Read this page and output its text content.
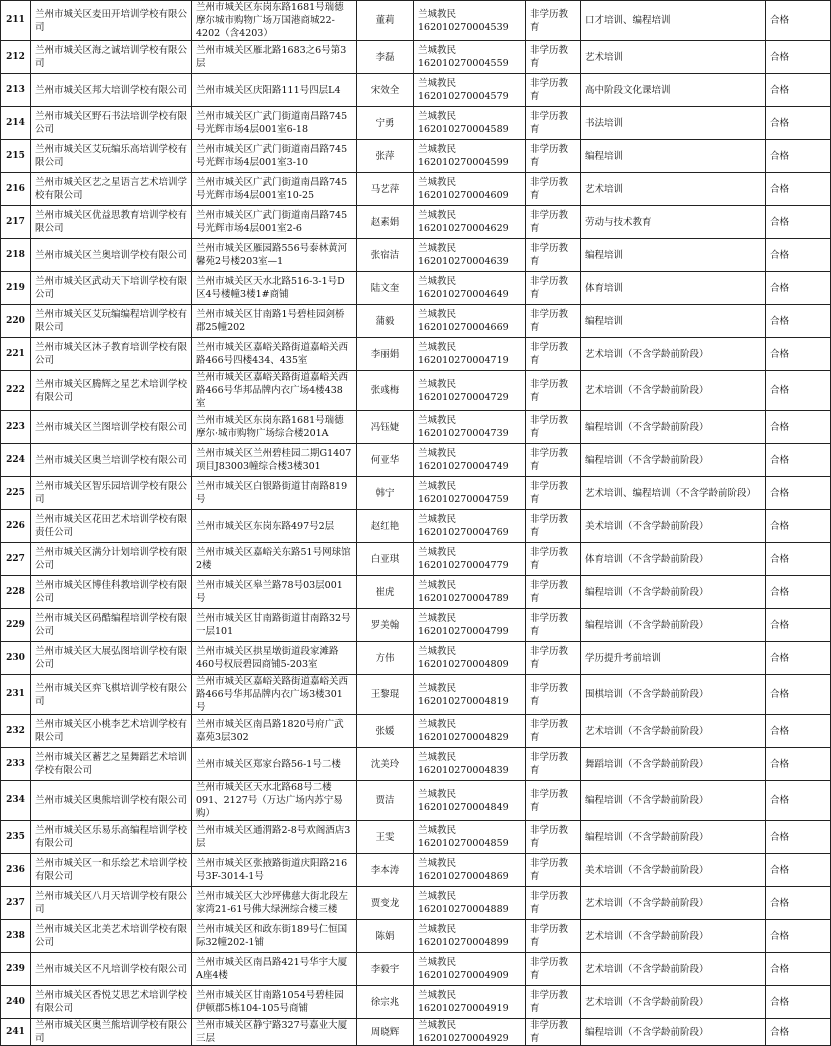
211	兰州市城关区麦田开培训学校有限公司	兰州市城关区东岗东路1681号瑞德摩尔城市购物广场万国港商城22-4202（含4203）	董莉	兰城教民162010270004539	非学历教育	口才培训、编程培训	合格
212	兰州市城关区海之诚培训学校有限公司	兰州市城关区雁北路1683之6号第3层	李磊	兰城教民162010270004559	非学历教育	艺术培训	合格
213	兰州市城关区邦大培训学校有限公司	兰州市城关区庆阳路111号四层L4	宋效全	兰城教民162010270004579	非学历教育	高中阶段文化课培训	合格
214	兰州市城关区野石书法培训学校有限公司	兰州市城关区广武门街道南昌路745号光辉市场4层001室6-18	宁勇	兰城教民162010270004589	非学历教育	书法培训	合格
215	兰州市城关区艾玩编乐高培训学校有限公司	兰州市城关区广武门街道南昌路745号光辉市场4层001室3-10	张萍	兰城教民162010270004599	非学历教育	编程培训	合格
216	兰州市城关区艺之星语言艺术培训学校有限公司	兰州市城关区广武门街道南昌路745号光辉市场4层001室10-25	马艺萍	兰城教民162010270004609	非学历教育	艺术培训	合格
217	兰州市城关区优益思教育培训学校有限公司	兰州市城关区广武门街道南昌路745号光辉市场4层001室2-6	赵素娟	兰城教民162010270004629	非学历教育	劳动与技术教育	合格
218	兰州市城关区兰奥培训学校有限公司	兰州市城关区雁园路556号泰林黄河馨苑2号楼203室—1	张宿洁	兰城教民162010270004639	非学历教育	编程培训	合格
219	兰州市城关区武动天下培训学校有限公司	兰州市城关区天水北路516-3-1号D区4号楼幢3楼1#商铺	陆文奎	兰城教民162010270004649	非学历教育	体育培训	合格
220	兰州市城关区艾玩编编程培训学校有限公司	兰州市城关区甘南路1号碧桂园剑桥郡25幢202	蒲毅	兰城教民162010270004669	非学历教育	编程培训	合格
221	兰州市城关区沐子教育培训学校有限公司	兰州市城关区嘉峪关路街道嘉峪关西路466号四楼434、435室	李丽娟	兰城教民162010270004719	非学历教育	艺术培训（不含学龄前阶段）	合格
222	兰州市城关区腾辉之星艺术培训学校有限公司	兰州市城关区嘉峪关路街道嘉峪关西路466号华邦品牌内衣广场4楼438室	张彧梅	兰城教民162010270004729	非学历教育	艺术培训（不含学龄前阶段）	合格
223	兰州市城关区兰图培训学校有限公司	兰州市城关区东岗东路1681号瑞德摩尔·城市购物广场综合楼201A	冯钰婕	兰城教民162010270004739	非学历教育	编程培训（不含学龄前阶段）	合格
224	兰州市城关区奥兰培训学校有限公司	兰州市城关区兰州碧桂园二期G1407项目J83003幢综合楼3楼301	何亚华	兰城教民162010270004749	非学历教育	编程培训（不含学龄前阶段）	合格
225	兰州市城关区智乐园培训学校有限公司	兰州市城关区白银路街道甘南路819号	韩宁	兰城教民162010270004759	非学历教育	艺术培训、编程培训（不含学龄前阶段）	合格
226	兰州市城关区花田艺术培训学校有限责任公司	兰州市城关区东岗东路497号2层	赵红艳	兰城教民162010270004769	非学历教育	美术培训（不含学龄前阶段）	合格
227	兰州市城关区满分计划培训学校有限公司	兰州市城关区嘉峪关东路51号网球馆2楼	白亚琪	兰城教民162010270004779	非学历教育	体育培训（不含学龄前阶段）	合格
228	兰州市城关区博佳科教培训学校有限公司	兰州市城关区皋兰路78号03层001号	崔虎	兰城教民162010270004789	非学历教育	编程培训（不含学龄前阶段）	合格
229	兰州市城关区码酷编程培训学校有限公司	兰州市城关区甘南路街道甘南路32号一层101	罗美翰	兰城教民162010270004799	非学历教育	编程培训（不含学龄前阶段）	合格
230	兰州市城关区大展弘图培训学校有限公司	兰州市城关区拱星墩街道段家滩路460号权辰碧园商铺5-203室	方伟	兰城教民162010270004809	非学历教育	学历提升考前培训	合格
231	兰州市城关区弈飞棋培训学校有限公司	兰州市城关区嘉峪关路街道嘉峪关西路466号华邦品牌内衣广场3楼301号	王黎琨	兰城教民162010270004819	非学历教育	围棋培训（不含学龄前阶段）	合格
232	兰州市城关区小桃李艺术培训学校有限公司	兰州市城关区南昌路1820号府广武嘉苑3层302	张媛	兰城教民162010270004829	非学历教育	艺术培训（不含学龄前阶段）	合格
233	兰州市城关区蓄艺之星舞蹈艺术培训学校有限公司	兰州市城关区郑家台路56-1号二楼	沈美玲	兰城教民162010270004839	非学历教育	舞蹈培训（不含学龄前阶段）	合格
234	兰州市城关区奥熊培训学校有限公司	兰州市城关区天水北路68号二楼091、2127号（万达广场内苏宁易购）	贾洁	兰城教民162010270004849	非学历教育	编程培训（不含学龄前阶段）	合格
235	兰州市城关区乐易乐高编程培训学校有限公司	兰州市城关区通渭路2-8号欢阁酒店3层	王雯	兰城教民162010270004859	非学历教育	编程培训（不含学龄前阶段）	合格
236	兰州市城关区一和乐绘艺术培训学校有限公司	兰州市城关区张掖路街道庆阳路216号3F-3014-1号	李本涛	兰城教民162010270004869	非学历教育	美术培训（不含学龄前阶段）	合格
237	兰州市城关区八月天培训学校有限公司	兰州市城关区大沙坪佛慈大街北段左家湾21-61号佛大绿洲综合楼三楼	贾变龙	兰城教民162010270004889	非学历教育	艺术培训（不含学龄前阶段）	合格
238	兰州市城关区北美艺术培训学校有限公司	兰州市城关区和政东街189号仁恒国际32幢202-1铺	陈娟	兰城教民162010270004899	非学历教育	艺术培训（不含学龄前阶段）	合格
239	兰州市城关区不凡培训学校有限公司	兰州市城关区南昌路421号华宇大厦A座4楼	李毅宇	兰城教民162010270004909	非学历教育	艺术培训（不含学龄前阶段）	合格
240	兰州市城关区香悦艾思艺术培训学校有限公司	兰州市城关区甘南路1054号碧桂园伊顿郡5栋104-105号商铺	徐宗兆	兰城教民162010270004919	非学历教育	艺术培训（不含学龄前阶段）	合格
241	兰州市城关区奥兰熊培训学校有限公司	兰州市城关区静宁路327号嘉业大厦三层	周晓辉	兰城教民162010270004929	非学历教育	编程培训（不含学龄前阶段）	合格
